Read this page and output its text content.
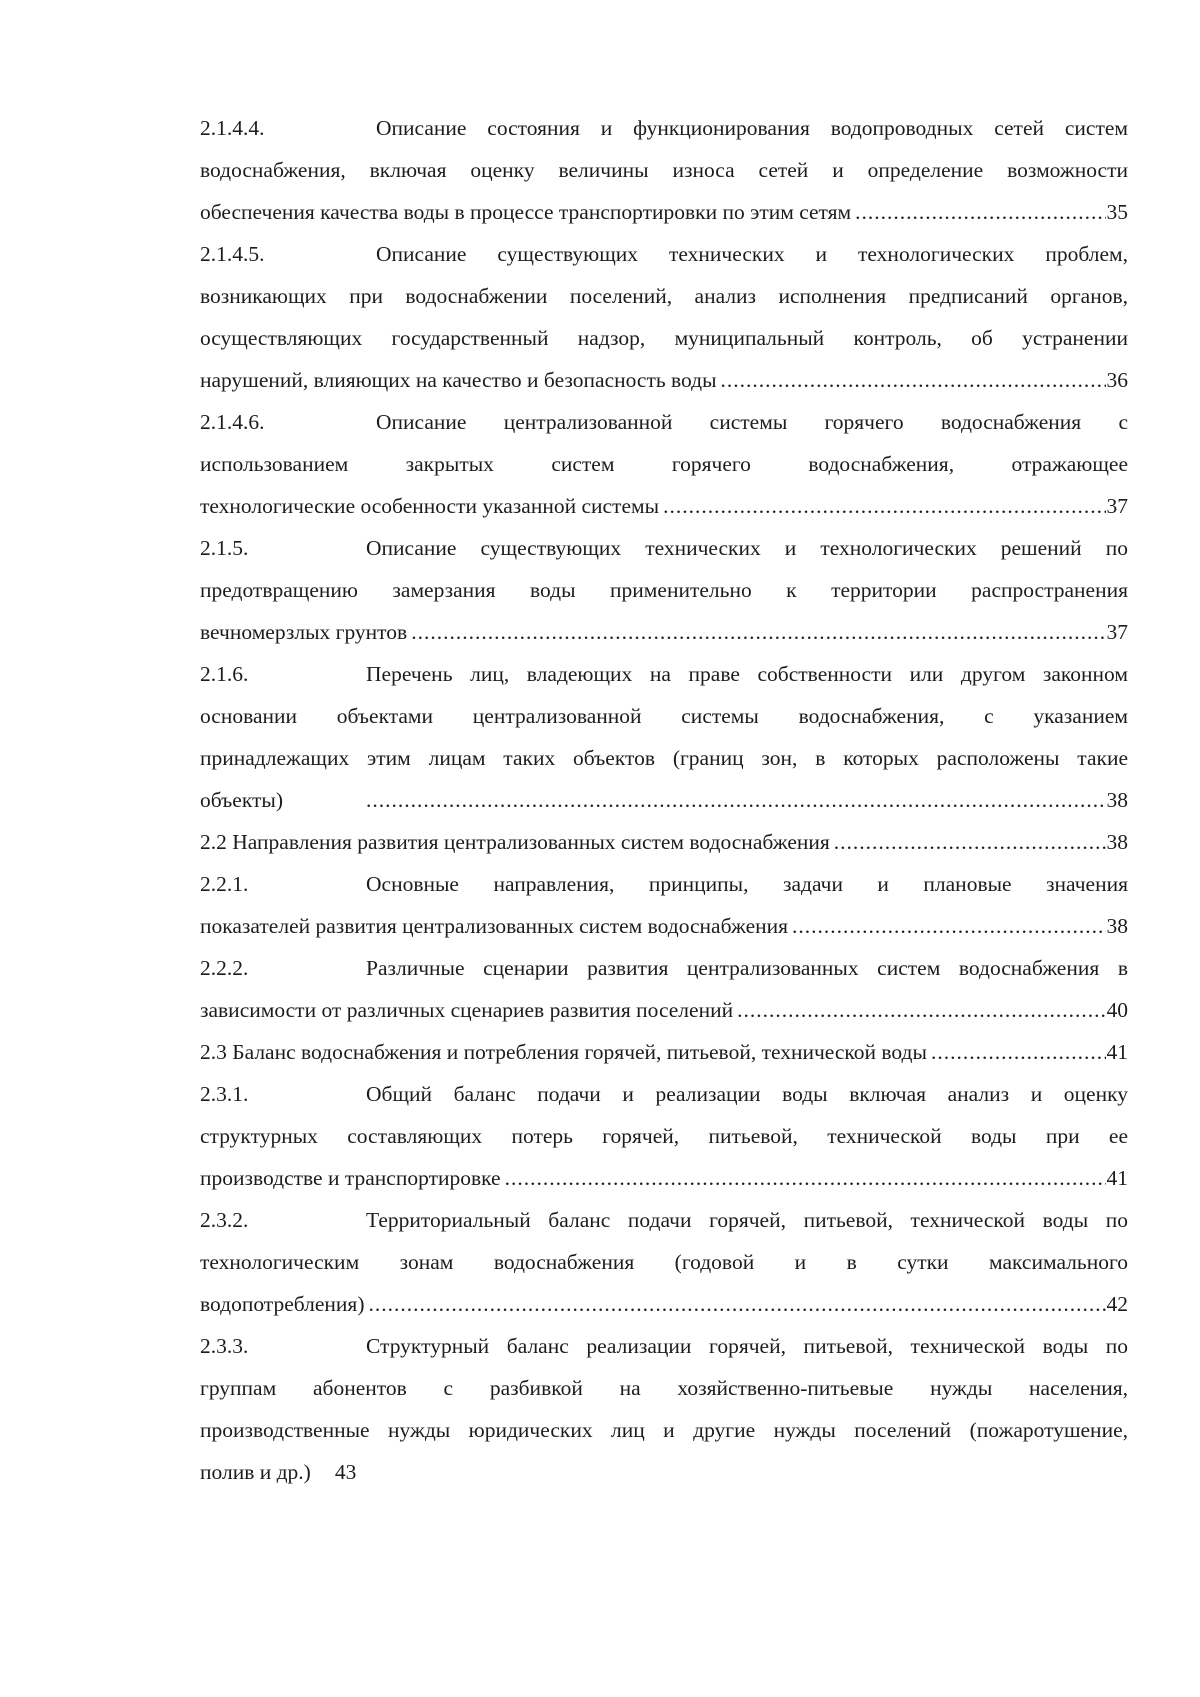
2.1.4.4.	Описание состояния и функционирования водопроводных сетей систем
водоснабжения, включая оценку величины износа сетей и определение возможности
обеспечения качества воды в процессе транспортировки по этим сетям .....	35
2.1.4.5.	Описание существующих технических и технологических проблем,
возникающих при водоснабжении поселений, анализ исполнения предписаний органов,
осуществляющих государственный надзор, муниципальный контроль, об устранении
нарушений, влияющих на качество и безопасность воды .....	36
2.1.4.6.	Описание централизованной системы горячего водоснабжения с
использованием закрытых систем горячего водоснабжения, отражающее
технологические особенности указанной системы .....	37
2.1.5.	Описание существующих технических и технологических решений по
предотвращению замерзания воды применительно к территории распространения
вечномерзлых грунтов .....	37
2.1.6.	Перечень лиц, владеющих на праве собственности или другом законном
основании объектами централизованной системы водоснабжения, с указанием
принадлежащих этим лицам таких объектов (границ зон, в которых расположены такие
объекты) .....	38
2.2 Направления развития централизованных систем водоснабжения .....	38
2.2.1.	Основные направления, принципы, задачи и плановые значения
показателей развития централизованных систем водоснабжения .....	38
2.2.2.	Различные сценарии развития централизованных систем водоснабжения в
зависимости от различных сценариев развития поселений .....	40
2.3 Баланс водоснабжения и потребления горячей, питьевой, технической воды .....	41
2.3.1.	Общий баланс подачи и реализации воды включая анализ и оценку
структурных составляющих потерь горячей, питьевой, технической воды при ее
производстве и транспортировке .....	41
2.3.2.	Территориальный баланс подачи горячей, питьевой, технической воды по
технологическим зонам водоснабжения (годовой и в сутки максимального
водопотребления) .....	42
2.3.3.	Структурный баланс реализации горячей, питьевой, технической воды по
группам абонентов с разбивкой на хозяйственно-питьевые нужды населения,
производственные нужды юридических лиц и другие нужды поселений (пожаротушение,
полив и др.) 43
